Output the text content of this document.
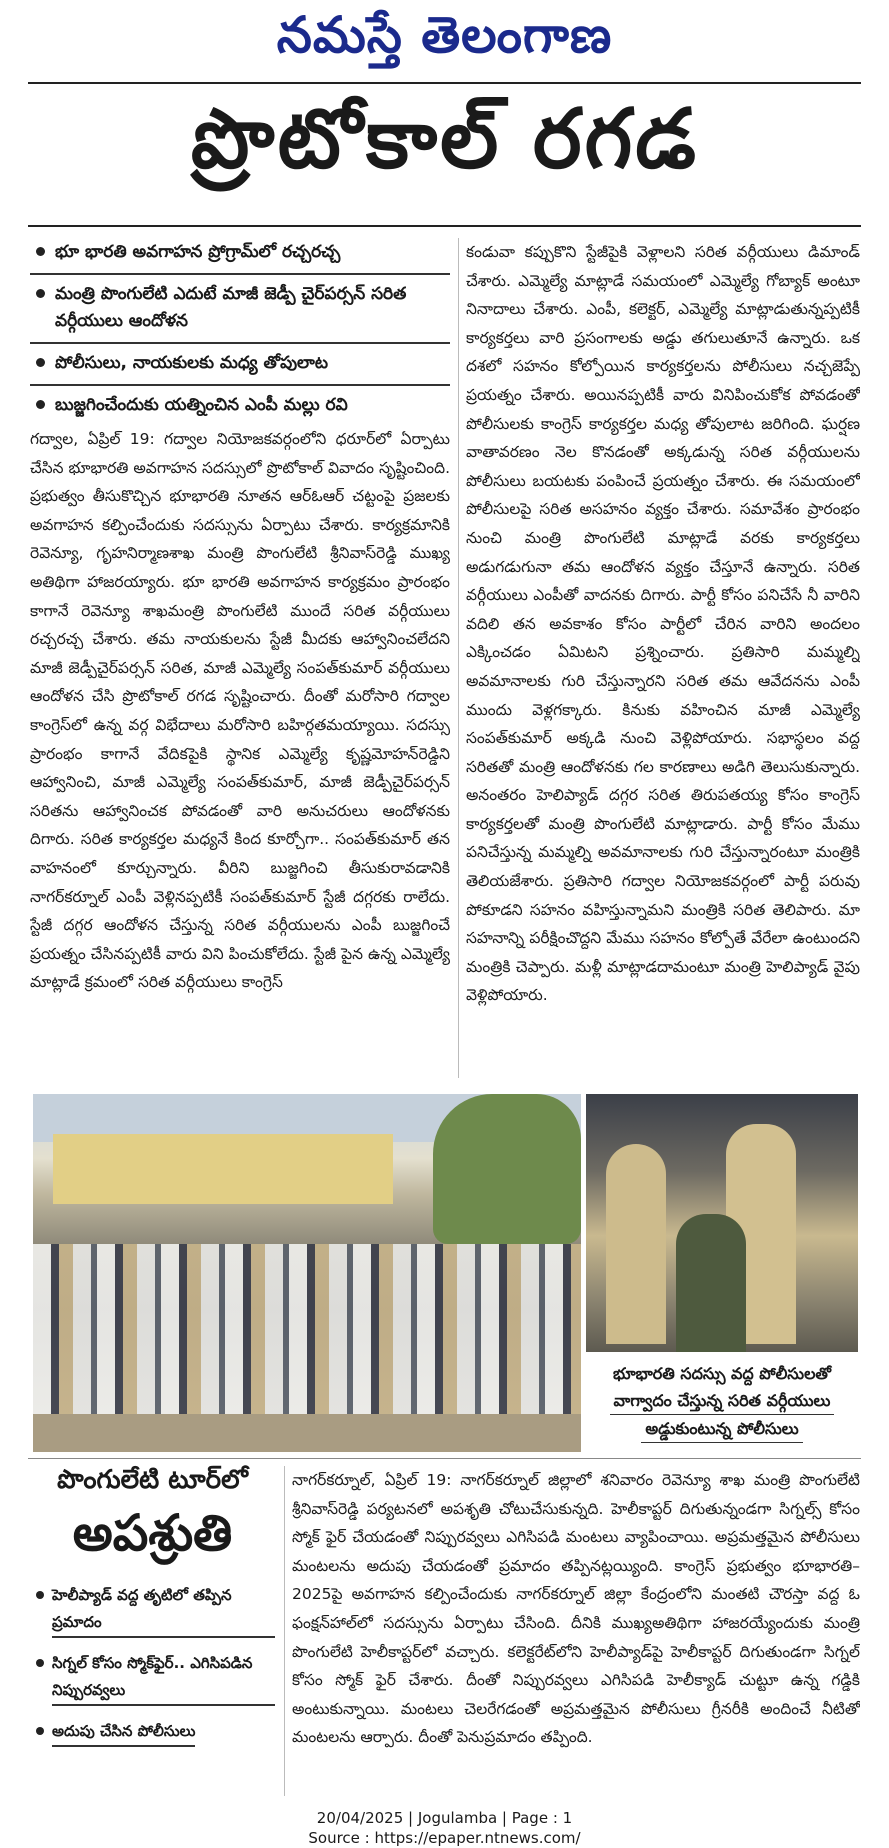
నమస్తే తెలంగాణ
ప్రొటోకాల్ రగడ
భూ భారతి అవగాహన ప్రోగ్రామ్‌లో రచ్చరచ్చ
మంత్రి పొంగులేటి ఎదుటే మాజీ జెడ్పీ చైర్‌పర్సన్ సరిత వర్గీయులు ఆందోళన
పోలీసులు, నాయకులకు మధ్య తోపులాట
బుజ్జగించేందుకు యత్నించిన ఎంపీ మల్లు రవి

గద్వాల, ఏప్రిల్ 19: గద్వాల నియోజకవర్గంలోని ధరూర్‌లో ఏర్పాటు చేసిన భూభారతి అవగాహన సదస్సులో ప్రొటోకాల్ వివాదం సృష్టించింది. ప్రభుత్వం తీసుకొచ్చిన భూభారతి నూతన ఆర్ఓఆర్ చట్టంపై ప్రజలకు అవగాహన కల్పించేందుకు సదస్సును ఏర్పాటు చేశారు. కార్యక్రమానికి రెవెన్యూ, గృహనిర్మాణశాఖ మంత్రి పొంగులేటి శ్రీనివాస్‌రెడ్డి ముఖ్య అతిథిగా హాజరయ్యారు. భూ భారతి అవగాహన కార్యక్రమం ప్రారంభం కాగానే రెవెన్యూ శాఖమంత్రి పొంగులేటి ముందే సరిత వర్గీయులు రచ్చరచ్చ చేశారు. తమ నాయకులను స్టేజీ మీదకు ఆహ్వానించలేదని మాజీ జెడ్పీచైర్‌పర్సన్ సరిత, మాజీ ఎమ్మెల్యే సంపత్‌కుమార్ వర్గీయులు ఆందోళన చేసి ప్రొటోకాల్ రగడ సృష్టించారు. దీంతో మరోసారి గద్వాల కాంగ్రెస్‌లో ఉన్న వర్గ విభేదాలు మరోసారి బహిర్గతమయ్యాయి. సదస్సు ప్రారంభం కాగానే వేదికపైకి స్థానిక ఎమ్మెల్యే కృష్ణమోహన్‌రెడ్డిని ఆహ్వానించి, మాజీ ఎమ్మెల్యే సంపత్‌కుమార్, మాజీ జెడ్పీచైర్‌పర్సన్ సరితను ఆహ్వానించక పోవడంతో వారి అనుచరులు ఆందోళనకు దిగారు. సరిత కార్యకర్తల మధ్యనే కింద కూర్చోగా.. సంపత్‌కుమార్ తన వాహనంలో కూర్చున్నారు. వీరిని బుజ్జగించి తీసుకురావడానికి నాగర్‌కర్నూల్ ఎంపీ వెళ్లినప్పటికీ సంపత్‌కుమార్ స్టేజీ దగ్గరకు రాలేదు. స్టేజీ దగ్గర ఆందోళన చేస్తున్న సరిత వర్గీయులను ఎంపీ బుజ్జగించే ప్రయత్నం చేసినప్పటికీ వారు విని పించుకోలేదు. స్టేజీ పైన ఉన్న ఎమ్మెల్యే మాట్లాడే క్రమంలో సరిత వర్గీయులు కాంగ్రెస్

కండువా కప్పుకొని స్టేజీపైకి వెళ్లాలని సరిత వర్గీయులు డిమాండ్ చేశారు. ఎమ్మెల్యే మాట్లాడే సమయంలో ఎమ్మెల్యే గోబ్యాక్ అంటూ నినాదాలు చేశారు. ఎంపీ, కలెక్టర్, ఎమ్మెల్యే మాట్లాడుతున్నప్పటికీ కార్యకర్తలు వారి ప్రసంగాలకు అడ్డు తగులుతూనే ఉన్నారు. ఒక దశలో సహనం కోల్పోయిన కార్యకర్తలను పోలీసులు నచ్చజెప్పే ప్రయత్నం చేశారు. అయినప్పటికీ వారు వినిపించుకోక పోవడంతో పోలీసులకు కాంగ్రెస్ కార్యకర్తల మధ్య తోపులాట జరిగింది. ఘర్షణ వాతావరణం నెల కొనడంతో అక్కడున్న సరిత వర్గీయులను పోలీసులు బయటకు పంపించే ప్రయత్నం చేశారు. ఈ సమయంలో పోలీసులపై సరిత అసహనం వ్యక్తం చేశారు. సమావేశం ప్రారంభం నుంచి మంత్రి పొంగులేటి మాట్లాడే వరకు కార్యకర్తలు అడుగడుగునా తమ ఆందోళన వ్యక్తం చేస్తూనే ఉన్నారు. సరిత వర్గీయులు ఎంపీతో వాదనకు దిగారు. పార్టీ కోసం పనిచేసే నీ వారిని వదిలి తన అవకాశం కోసం పార్టీలో చేరిన వారిని అందలం ఎక్కించడం ఏమిటని ప్రశ్నించారు. ప్రతిసారి మమ్మల్ని అవమానాలకు గురి చేస్తున్నారని సరిత తమ ఆవేదనను ఎంపీ ముందు వెళ్లగక్కారు. కినుకు వహించిన మాజీ ఎమ్మెల్యే సంపత్‌కుమార్ అక్కడి నుంచి వెళ్లిపోయారు. సభాస్థలం వద్ద సరితతో మంత్రి ఆందోళనకు గల కారణాలు అడిగి తెలుసుకున్నారు. అనంతరం హెలిప్యాడ్ దగ్గర సరిత తిరుపతయ్య కోసం కాంగ్రెస్ కార్యకర్తలతో మంత్రి పొంగులేటి మాట్లాడారు. పార్టీ కోసం మేము పనిచేస్తున్న మమ్మల్ని అవమానాలకు గురి చేస్తున్నారంటూ మంత్రికి తెలియజేశారు. ప్రతిసారి గద్వాల నియోజకవర్గంలో పార్టీ పరువు పోకూడని సహనం వహిస్తున్నామని మంత్రికి సరిత తెలిపారు. మా సహనాన్ని పరీక్షించొద్దని మేము సహనం కోల్పోతే వేరేలా ఉంటుందని మంత్రికి చెప్పారు. మళ్లీ మాట్లాడదామంటూ మంత్రి హెలిప్యాడ్ వైపు వెళ్లిపోయారు.

భూభారతి సదస్సు వద్ద పోలీసులతో
వాగ్వాదం చేస్తున్న సరిత వర్గీయులు
అడ్డుకుంటున్న పోలీసులు
పొంగులేటి టూర్‌లో
అపశ్రుతి
హెలీప్యాడ్ వద్ద తృటిలో తప్పిన ప్రమాదం
సిగ్నల్ కోసం స్మోక్‌ఫైర్.. ఎగిసిపడిన నిప్పురవ్వలు
అదుపు చేసిన పోలీసులు

నాగర్‌కర్నూల్, ఏప్రిల్ 19: నాగర్‌కర్నూల్ జిల్లాలో శనివారం రెవెన్యూ శాఖ మంత్రి పొంగులేటి శ్రీనివాస్‌రెడ్డి పర్యటనలో అపశృతి చోటుచేసుకున్నది. హెలీకాప్టర్ దిగుతున్నండగా సిగ్నల్స్ కోసం స్మోక్ ఫైర్ చేయడంతో నిప్పురవ్వలు ఎగిసిపడి మంటలు వ్యాపించాయి. అప్రమత్తమైన పోలీసులు మంటలను అదుపు చేయడంతో ప్రమాదం తప్పినట్లయ్యింది. కాంగ్రెస్ ప్రభుత్వం భూభారతి–2025పై అవగాహన కల్పించేందుకు నాగర్‌కర్నూల్ జిల్లా కేంద్రంలోని మంతటి చౌరస్తా వద్ద ఓ ఫంక్షన్‌హాల్‌లో సదస్సును ఏర్పాటు చేసింది. దీనికి ముఖ్యఅతిథిగా హాజరయ్యేందుకు మంత్రి పొంగులేటి హెలీకాప్టర్‌లో వచ్చారు. కలెక్టరేట్‌లోని హెలీప్యాడ్‌పై హెలీకాప్టర్ దిగుతుండగా సిగ్నల్ కోసం స్మోక్ ఫైర్ చేశారు. దీంతో నిప్పురవ్వలు ఎగిసిపడి హెలీక్యాడ్ చుట్టూ ఉన్న గడ్డికి అంటుకున్నాయి. మంటలు చెలరేగడంతో అప్రమత్తమైన పోలీసులు గ్రీనరీకి అందించే నీటితో మంటలను ఆర్పారు. దీంతో పెనుప్రమాదం తప్పింది.

20/04/2025 | Jogulamba | Page : 1
Source : https://epaper.ntnews.com/
